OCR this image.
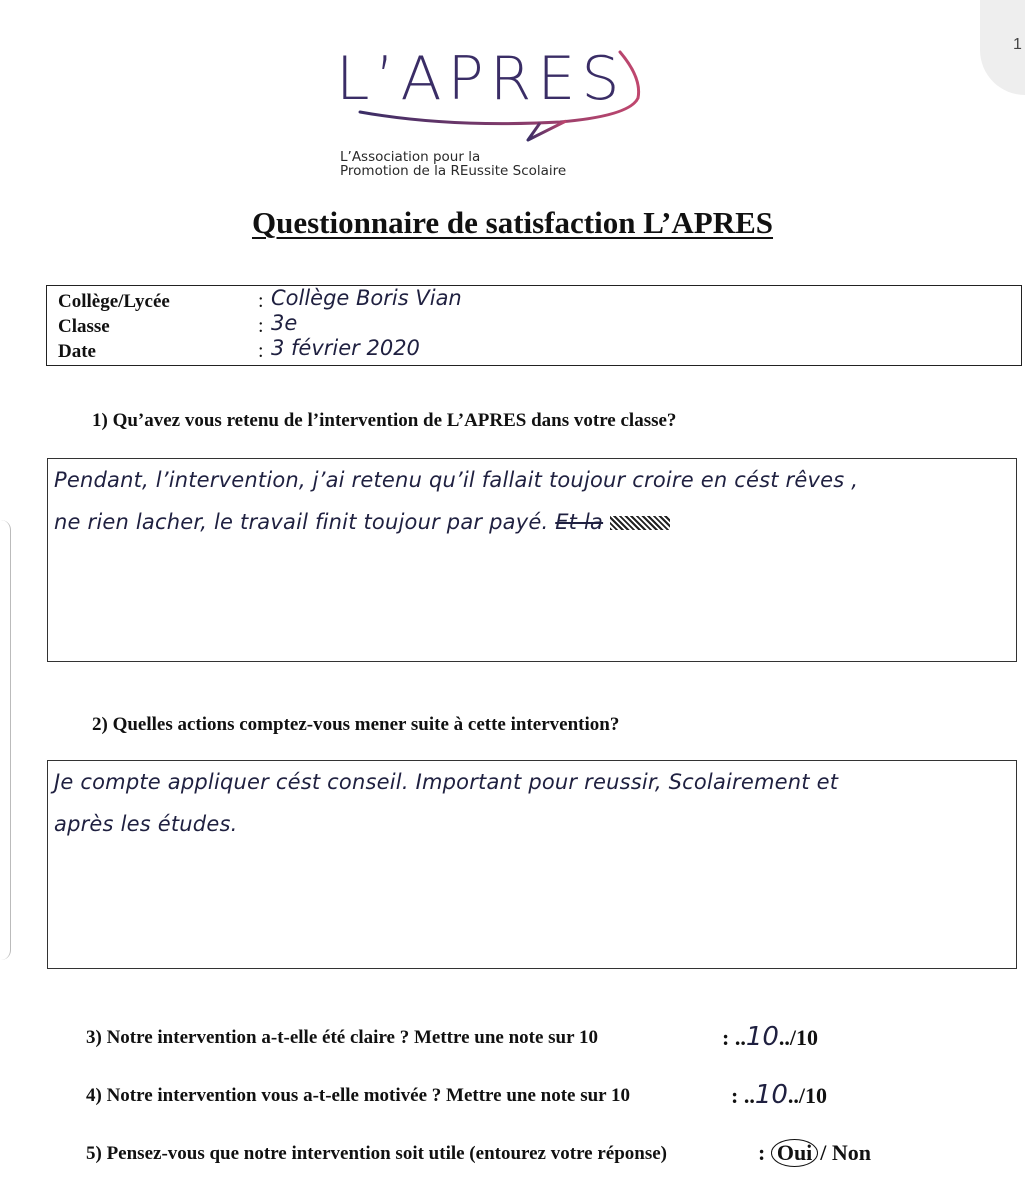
1
L’APRES
L’Association pour la
Promotion de la REussite Scolaire
Questionnaire de satisfaction L’APRES
Collège/Lycée	: Collège Boris Vian
Classe	: 3e
Date	: 3 février 2020
1) Qu’avez vous retenu de l’intervention de L’APRES dans votre classe?
Pendant, l’intervention, j’ai retenu qu’il fallait toujour croire en cést rêves ,
ne rien lacher, le travail finit toujour par payé. Et la
2) Quelles actions comptez-vous mener suite à cette intervention?
Je compte appliquer cést conseil. Important pour reussir, Scolairement et
après les études.
3) Notre intervention a-t-elle été claire ? Mettre une note sur 10	: ..10../10
4) Notre intervention vous a-t-elle motivée ? Mettre une note sur 10	: ..10../10
5) Pensez-vous que notre intervention soit utile (entourez votre réponse)	: Oui / Non
